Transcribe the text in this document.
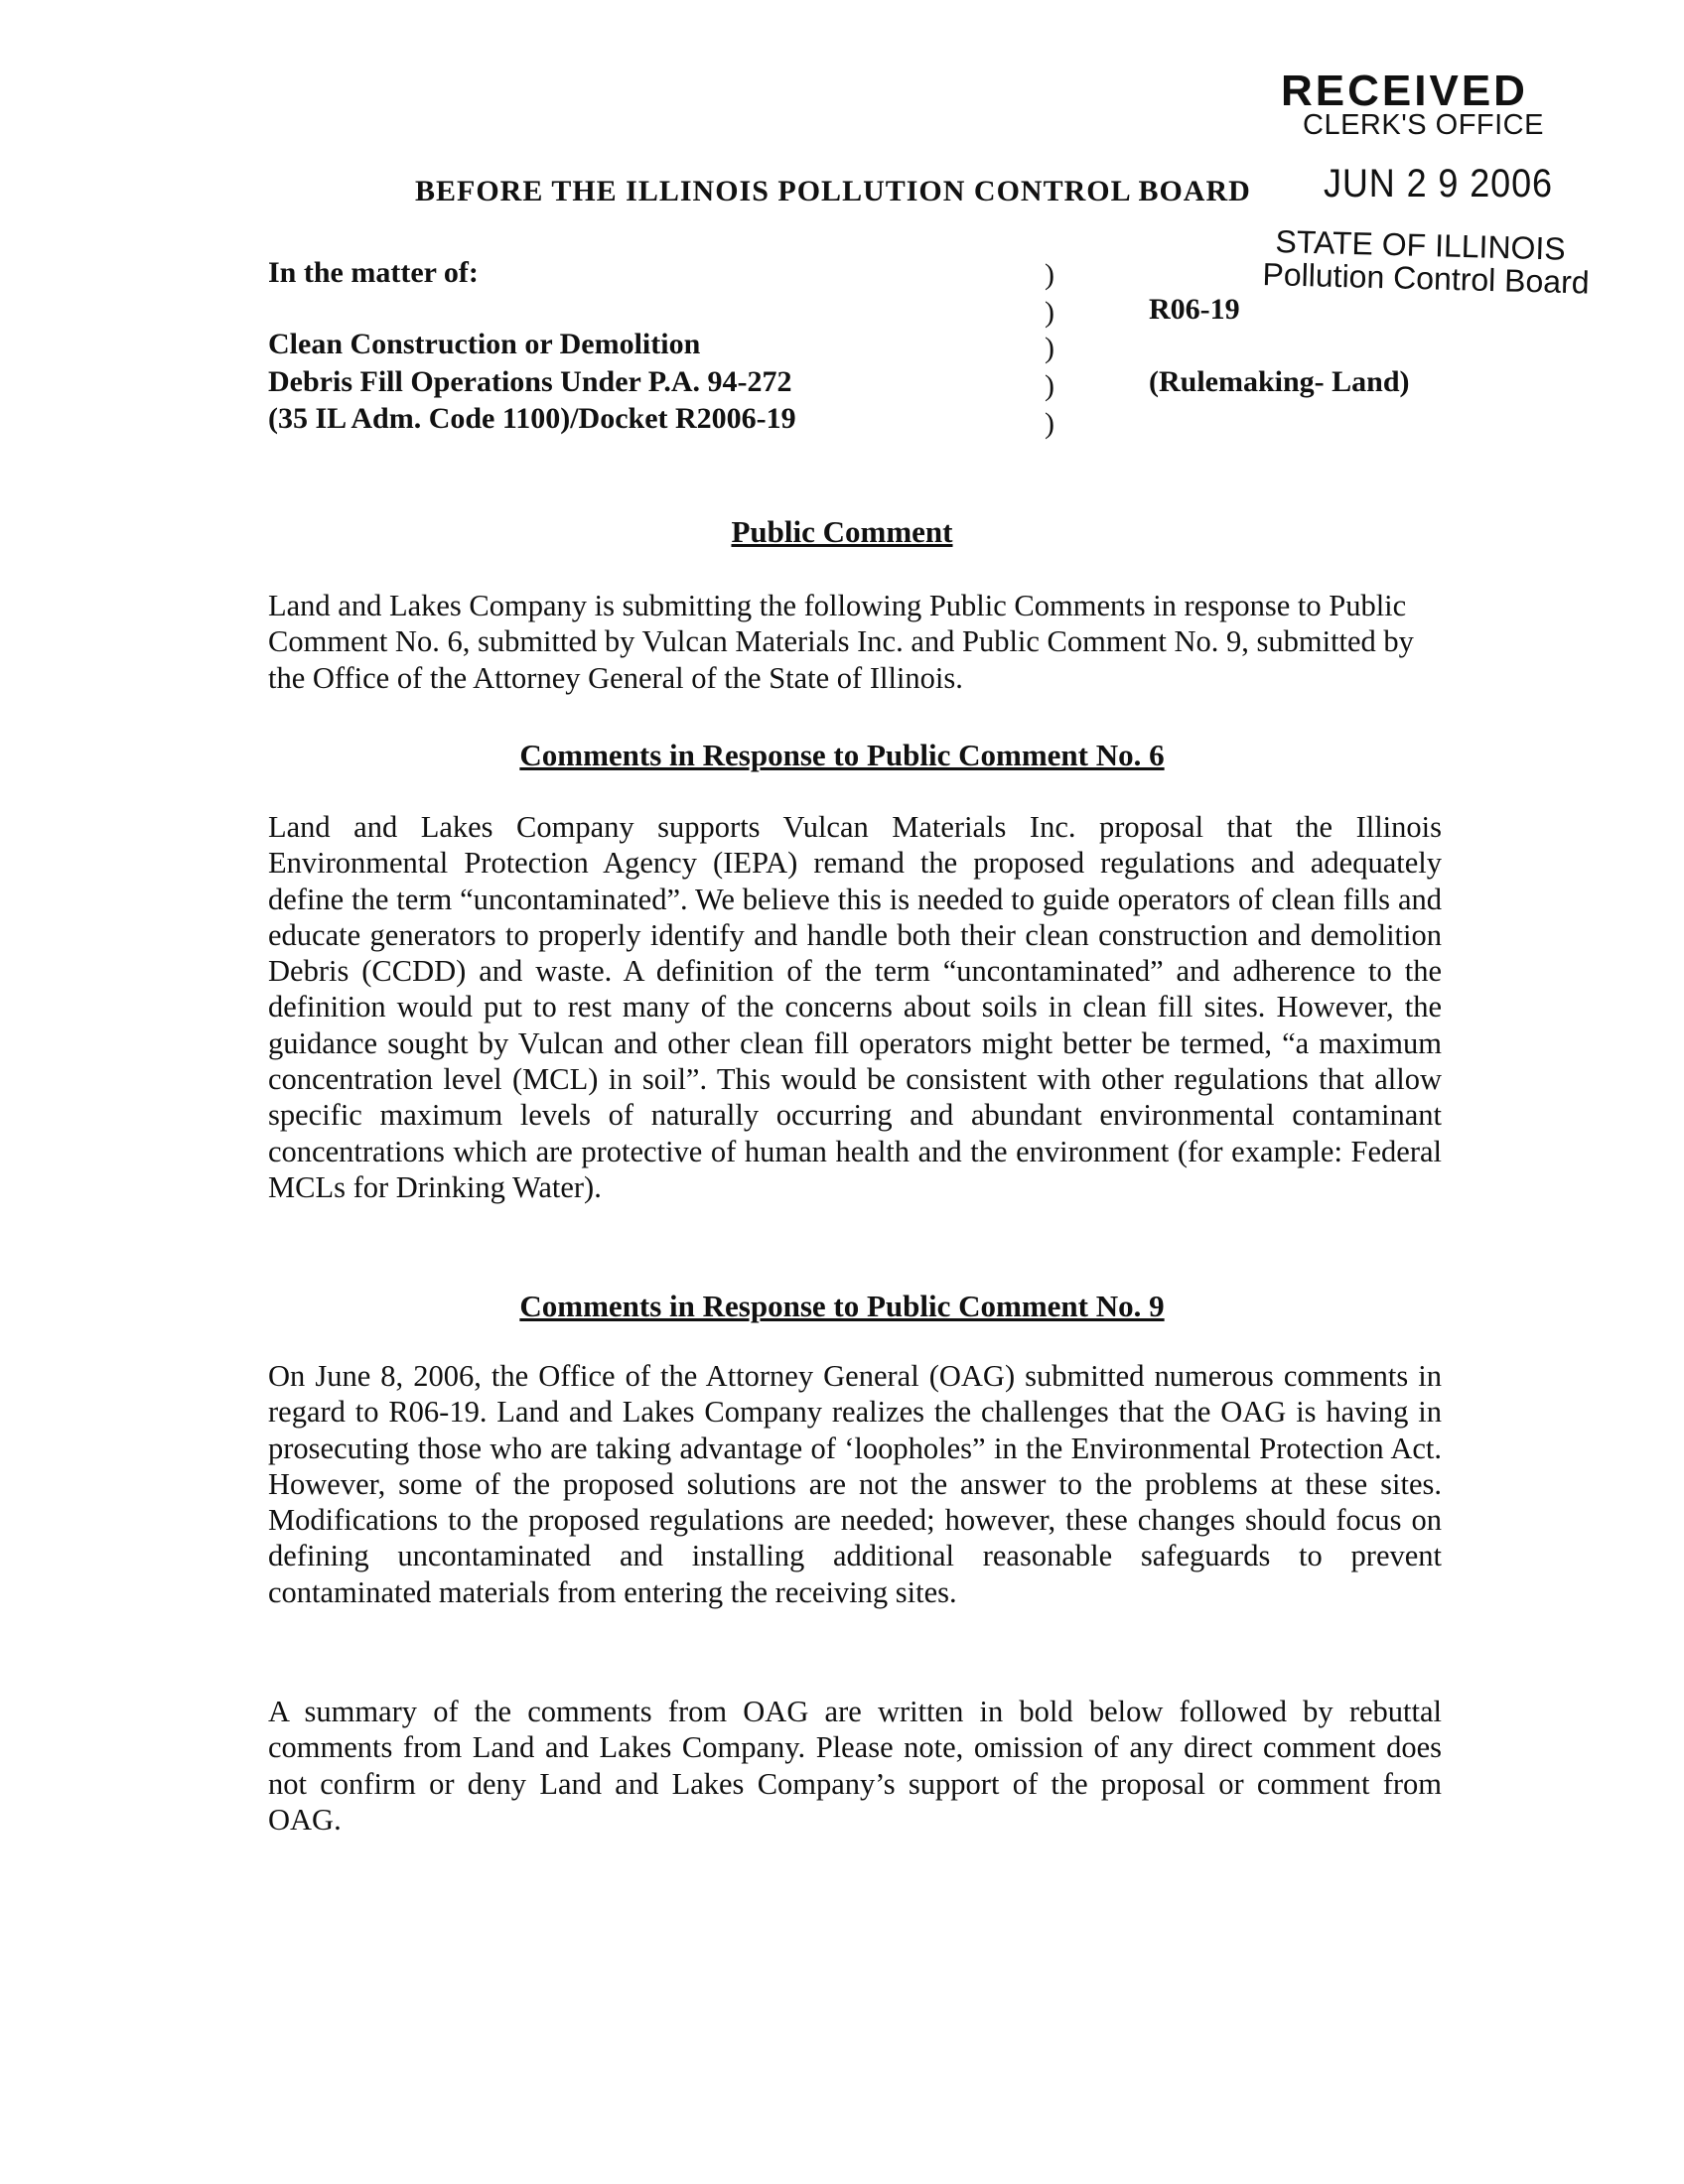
RECEIVED
CLERK'S OFFICE
JUN 2 9 2006
STATE OF ILLINOIS
Pollution Control Board
BEFORE THE ILLINOIS POLLUTION CONTROL BOARD
In the matter of:
Clean Construction or Demolition
Debris Fill Operations Under P.A. 94-272
(35 IL Adm. Code 1100)/Docket R2006-19
)
)
)
)
)
R06-19
(Rulemaking- Land)
Public Comment
Land and Lakes Company is submitting the following Public Comments in response to Public Comment No. 6, submitted by Vulcan Materials Inc. and Public Comment No. 9, submitted by the Office of the Attorney General of the State of Illinois.
Comments in Response to Public Comment No. 6
Land and Lakes Company supports Vulcan Materials Inc. proposal that the Illinois Environmental Protection Agency (IEPA) remand the proposed regulations and adequately define the term “uncontaminated”. We believe this is needed to guide operators of clean fills and educate generators to properly identify and handle both their clean construction and demolition Debris (CCDD) and waste. A definition of the term “uncontaminated” and adherence to the definition would put to rest many of the concerns about soils in clean fill sites. However, the guidance sought by Vulcan and other clean fill operators might better be termed, “a maximum concentration level (MCL) in soil”. This would be consistent with other regulations that allow specific maximum levels of naturally occurring and abundant environmental contaminant concentrations which are protective of human health and the environment (for example: Federal MCLs for Drinking Water).
Comments in Response to Public Comment No. 9
On June 8, 2006, the Office of the Attorney General (OAG) submitted numerous comments in regard to R06-19. Land and Lakes Company realizes the challenges that the OAG is having in prosecuting those who are taking advantage of ‘loopholes” in the Environmental Protection Act. However, some of the proposed solutions are not the answer to the problems at these sites. Modifications to the proposed regulations are needed; however, these changes should focus on defining uncontaminated and installing additional reasonable safeguards to prevent contaminated materials from entering the receiving sites.
A summary of the comments from OAG are written in bold below followed by rebuttal comments from Land and Lakes Company. Please note, omission of any direct comment does not confirm or deny Land and Lakes Company’s support of the proposal or comment from OAG.
